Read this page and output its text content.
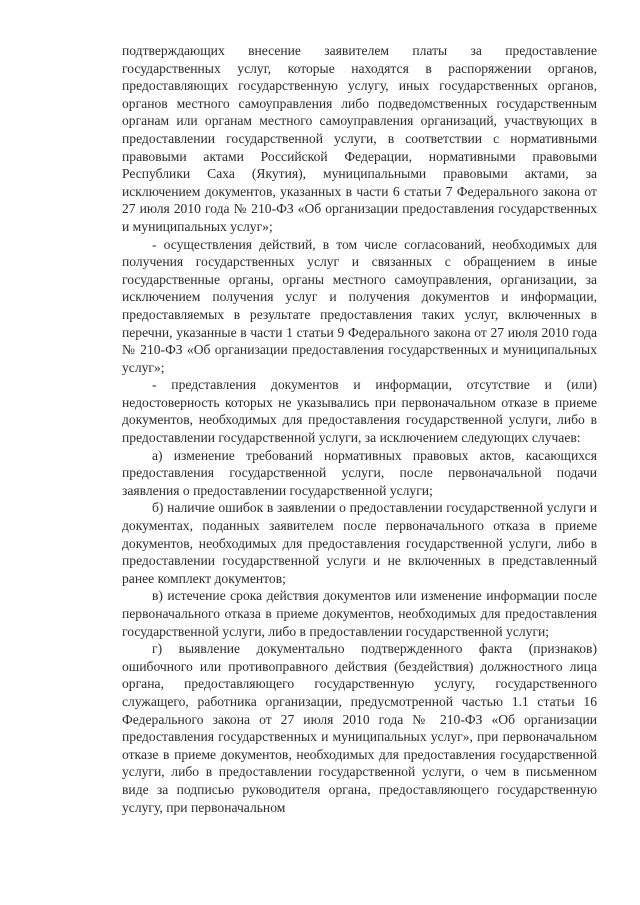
подтверждающих внесение заявителем платы за предоставление государственных услуг, которые находятся в распоряжении органов, предоставляющих государственную услугу, иных государственных органов, органов местного самоуправления либо подведомственных государственным органам или органам местного самоуправления организаций, участвующих в предоставлении государственной услуги, в соответствии с нормативными правовыми актами Российской Федерации, нормативными правовыми Республики Саха (Якутия), муниципальными правовыми актами, за исключением документов, указанных в части 6 статьи 7 Федерального закона от 27 июля 2010 года № 210-ФЗ «Об организации предоставления государственных и муниципальных услуг»;

- осуществления действий, в том числе согласований, необходимых для получения государственных услуг и связанных с обращением в иные государственные органы, органы местного самоуправления, организации, за исключением получения услуг и получения документов и информации, предоставляемых в результате предоставления таких услуг, включенных в перечни, указанные в части 1 статьи 9 Федерального закона от 27 июля 2010 года № 210-ФЗ «Об организации предоставления государственных и муниципальных услуг»;

- представления документов и информации, отсутствие и (или) недостоверность которых не указывались при первоначальном отказе в приеме документов, необходимых для предоставления государственной услуги, либо в предоставлении государственной услуги, за исключением следующих случаев:

а) изменение требований нормативных правовых актов, касающихся предоставления государственной услуги, после первоначальной подачи заявления о предоставлении государственной услуги;

б) наличие ошибок в заявлении о предоставлении государственной услуги и документах, поданных заявителем после первоначального отказа в приеме документов, необходимых для предоставления государственной услуги, либо в предоставлении государственной услуги и не включенных в представленный ранее комплект документов;

в) истечение срока действия документов или изменение информации после первоначального отказа в приеме документов, необходимых для предоставления государственной услуги, либо в предоставлении государственной услуги;

г) выявление документально подтвержденного факта (признаков) ошибочного или противоправного действия (бездействия) должностного лица органа, предоставляющего государственную услугу, государственного служащего, работника организации, предусмотренной частью 1.1 статьи 16 Федерального закона от 27 июля 2010 года № 210-ФЗ «Об организации предоставления государственных и муниципальных услуг», при первоначальном отказе в приеме документов, необходимых для предоставления государственной услуги, либо в предоставлении государственной услуги, о чем в письменном виде за подписью руководителя органа, предоставляющего государственную услугу, при первоначальном
